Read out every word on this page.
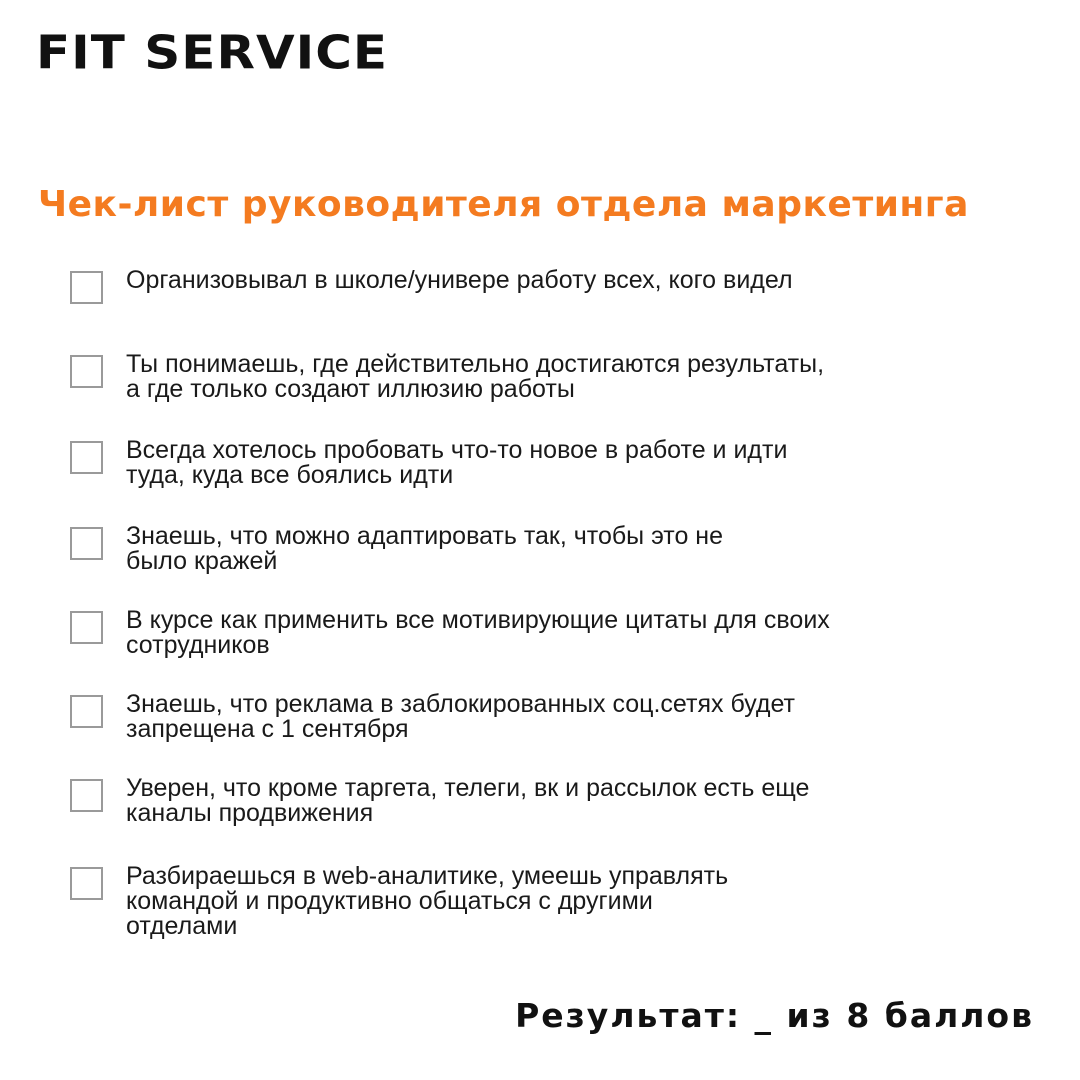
FIT SERVICE
Чек-лист руководителя отдела маркетинга
Организовывал в школе/универе работу всех, кого видел
Ты понимаешь, где действительно достигаются результаты,
а где только создают иллюзию работы
Всегда хотелось пробовать что-то новое в работе и идти
туда, куда все боялись идти
Знаешь, что можно адаптировать так, чтобы это не
было кражей
В курсе как применить все мотивирующие цитаты для своих
сотрудников
Знаешь, что реклама в заблокированных соц.сетях будет
запрещена с 1 сентября
Уверен, что кроме таргета, телеги, вк и рассылок есть еще
каналы продвижения
Разбираешься в web-аналитике, умеешь управлять
командой и продуктивно общаться с другими
отделами
Результат: _ из 8 баллов
